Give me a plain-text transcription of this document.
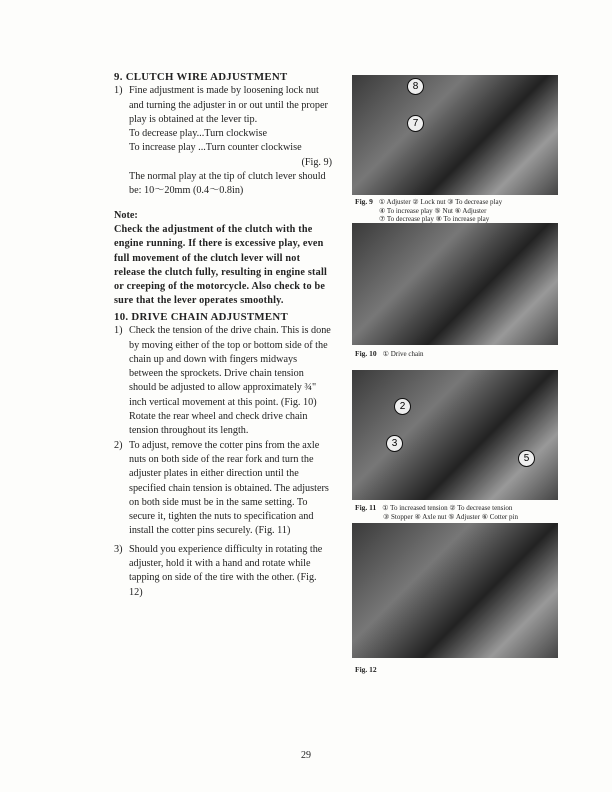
9. CLUTCH WIRE ADJUSTMENT
1) Fine adjustment is made by loosening lock nut and turning the adjuster in or out until the proper play is obtained at the lever tip.
To decrease play...Turn clockwise
To increase play ...Turn counter clockwise
(Fig. 9)
The normal play at the tip of clutch lever should be: 10～20mm (0.4～0.8in)
Note:
Check the adjustment of the clutch with the engine running. If there is excessive play, even full movement of the clutch lever will not release the clutch fully, resulting in engine stall or creeping of the motorcycle. Also check to be sure that the lever operates smoothly.
10. DRIVE CHAIN ADJUSTMENT
1) Check the tension of the drive chain. This is done by moving either of the top or bottom side of the chain up and down with fingers midways between the sprockets. Drive chain tension should be adjusted to allow approximately ¾" inch vertical movement at this point. (Fig. 10) Rotate the rear wheel and check drive chain tension throughout its length.
2) To adjust, remove the cotter pins from the axle nuts on both side of the rear fork and turn the adjuster plates in either direction until the specified chain tension is obtained. The adjusters on both side must be in the same setting. To secure it, tighten the nuts to specification and install the cotter pins securely. (Fig. 11)
3) Should you experience difficulty in rotating the adjuster, hold it with a hand and rotate while tapping on side of the tire with the other. (Fig. 12)
8
7
Fig. 9 ① Adjuster ② Lock nut ③ To decrease play
④ To increase play ⑤ Nut ⑥ Adjuster
⑦ To decrease play ⑧ To increase play
Fig. 10 ① Drive chain
2
3
5
Fig. 11 ① To increased tension ② To decrease tension
③ Stopper ④ Axle nut ⑤ Adjuster ⑥ Cotter pin
Fig. 12
29
